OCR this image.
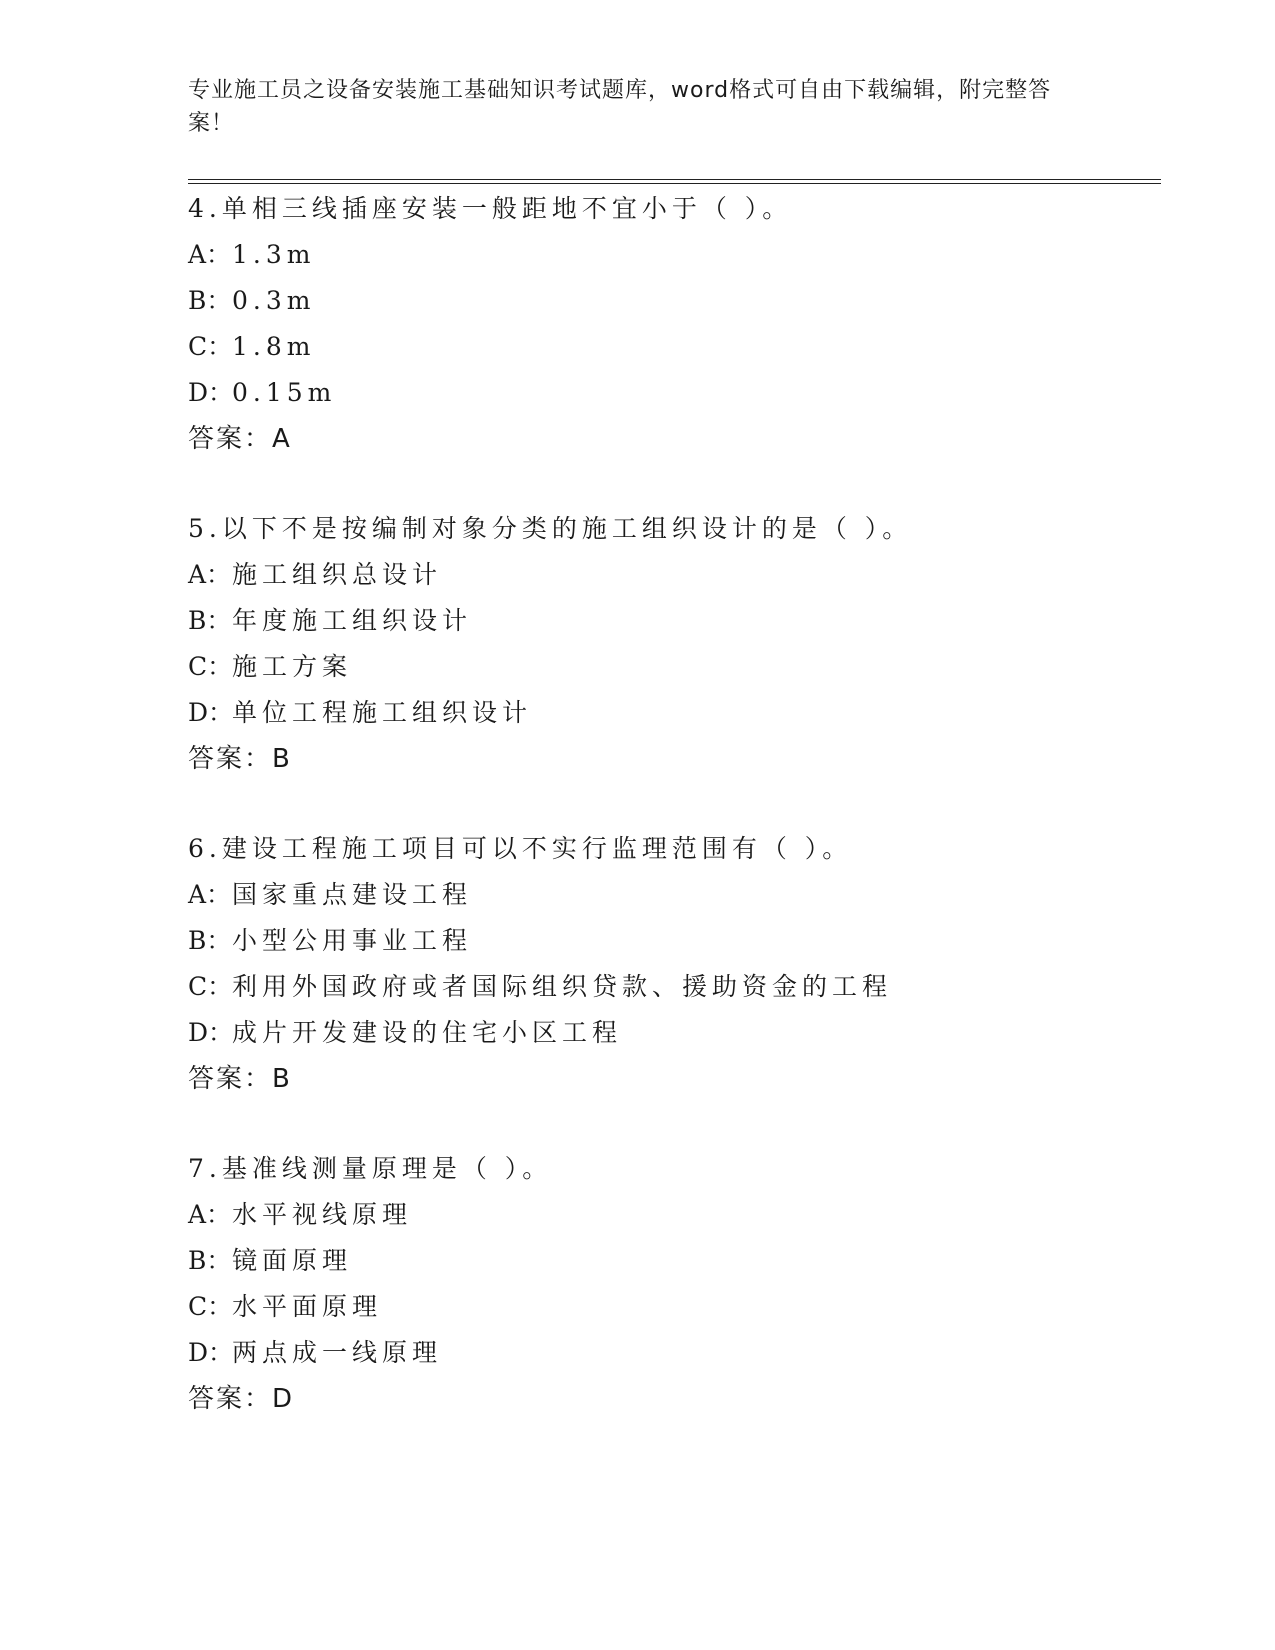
专业施工员之设备安装施工基础知识考试题库，word格式可自由下载编辑，附完整答案！
4.单相三线插座安装一般距地不宜小于（ ）。
A：1.3m
B：0.3m
C：1.8m
D：0.15m
答案：A
5.以下不是按编制对象分类的施工组织设计的是（ ）。
A：施工组织总设计
B：年度施工组织设计
C：施工方案
D：单位工程施工组织设计
答案：B
6.建设工程施工项目可以不实行监理范围有（ ）。
A：国家重点建设工程
B：小型公用事业工程
C：利用外国政府或者国际组织贷款、援助资金的工程
D：成片开发建设的住宅小区工程
答案：B
7.基准线测量原理是（ ）。
A：水平视线原理
B：镜面原理
C：水平面原理
D：两点成一线原理
答案：D
